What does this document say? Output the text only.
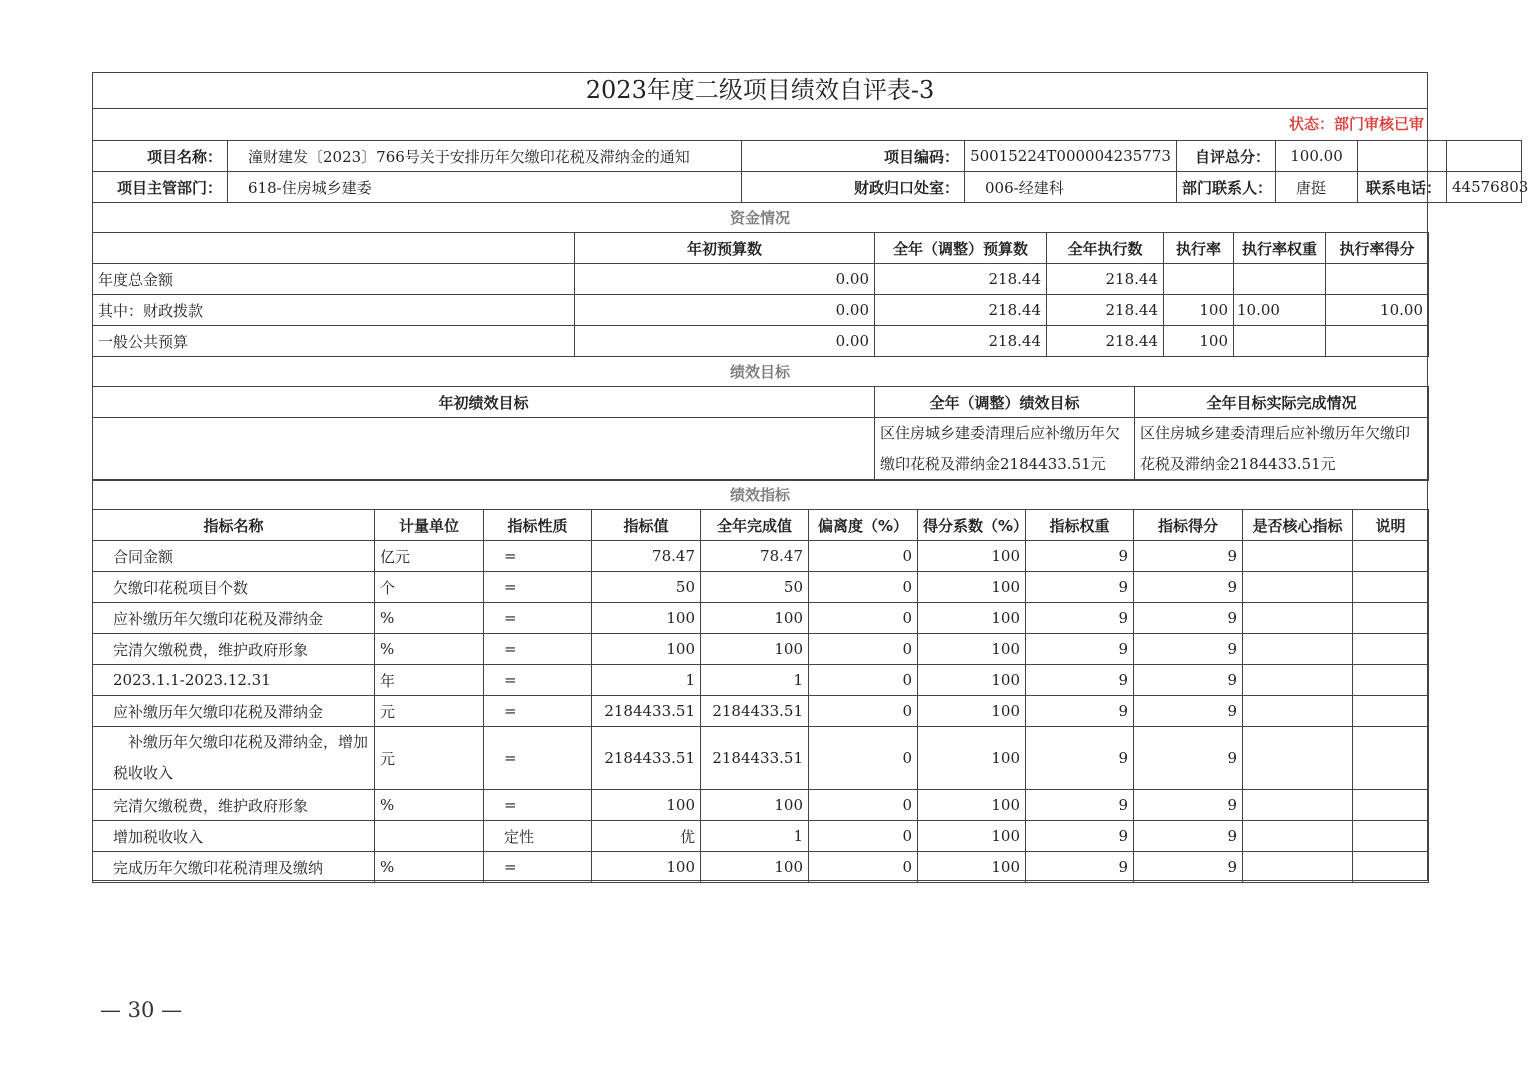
2023年度二级项目绩效自评表-3
状态：部门审核已审
项目名称：	潼财建发〔2023〕766号关于安排历年欠缴印花税及滞纳金的通知	项目编码：	50015224T000004235773	自评总分：	100.00		
项目主管部门：	618-住房城乡建委	财政归口处室：	006-经建科	部门联系人：	唐挺	联系电话：	44576803
资金情况
	年初预算数	全年（调整）预算数	全年执行数	执行率	执行率权重	执行率得分
年度总金额	0.00	218.44	218.44			
其中：财政拨款	0.00	218.44	218.44	100	10.00	10.00
一般公共预算	0.00	218.44	218.44	100		
绩效目标
年初绩效目标	全年（调整）绩效目标	全年目标实际完成情况
	区住房城乡建委清理后应补缴历年欠缴印花税及滞纳金2184433.51元	区住房城乡建委清理后应补缴历年欠缴印花税及滞纳金2184433.51元
绩效指标
指标名称	计量单位	指标性质	指标值	全年完成值	偏离度（%）	得分系数（%）	指标权重	指标得分	是否核心指标	说明
合同金额	亿元	=	78.47	78.47	0	100	9	9		
欠缴印花税项目个数	个	=	50	50	0	100	9	9		
应补缴历年欠缴印花税及滞纳金	%	=	100	100	0	100	9	9		
完清欠缴税费，维护政府形象	%	=	100	100	0	100	9	9		
2023.1.1-2023.12.31	年	=	1	1	0	100	9	9		
应补缴历年欠缴印花税及滞纳金	元	=	2184433.51	2184433.51	0	100	9	9		
补缴历年欠缴印花税及滞纳金，增加税收收入	元	=	2184433.51	2184433.51	0	100	9	9		
完清欠缴税费，维护政府形象	%	=	100	100	0	100	9	9		
增加税收收入		定性	优	1	0	100	9	9		
完成历年欠缴印花税清理及缴纳	%	=	100	100	0	100	9	9		
— 30 —
